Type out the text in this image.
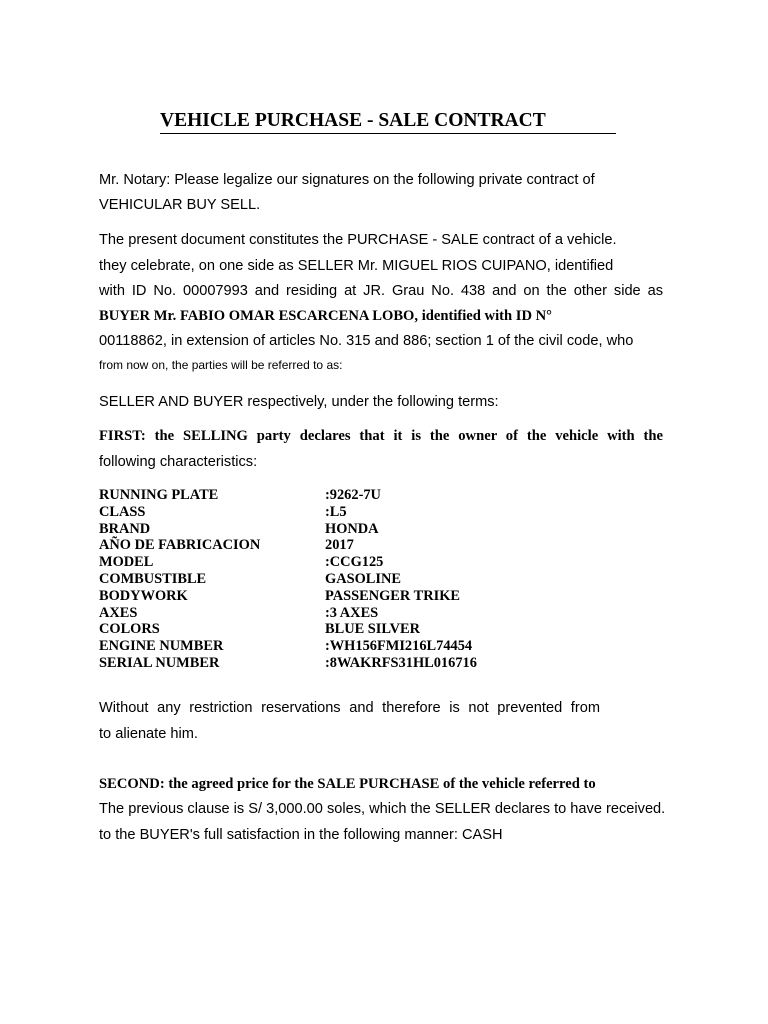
VEHICLE PURCHASE - SALE CONTRACT
Mr. Notary: Please legalize our signatures on the following private contract of
VEHICULAR BUY SELL.
The present document constitutes the PURCHASE - SALE contract of a vehicle.
they celebrate, on one side as SELLER Mr. MIGUEL RIOS CUIPANO, identified
with ID No. 00007993 and residing at JR. Grau No. 438 and on the other side as
BUYER Mr. FABIO OMAR ESCARCENA LOBO, identified with ID N°
00118862, in extension of articles No. 315 and 886; section 1 of the civil code, who
from now on, the parties will be referred to as:
SELLER AND BUYER respectively, under the following terms:
FIRST: the SELLING party declares that it is the owner of the vehicle with the
following characteristics:
RUNNING PLATE	:9262-7U
CLASS	:L5
BRAND	HONDA
AÑO DE FABRICACION	2017
MODEL	:CCG125
COMBUSTIBLE	GASOLINE
BODYWORK	PASSENGER TRIKE
AXES	:3 AXES
COLORS	BLUE SILVER
ENGINE NUMBER	:WH156FMI216L74454
SERIAL NUMBER	:8WAKRFS31HL016716
Without any restriction reservations and therefore is not prevented from
to alienate him.
SECOND: the agreed price for the SALE PURCHASE of the vehicle referred to
The previous clause is S/ 3,000.00 soles, which the SELLER declares to have received.
to the BUYER's full satisfaction in the following manner: CASH
